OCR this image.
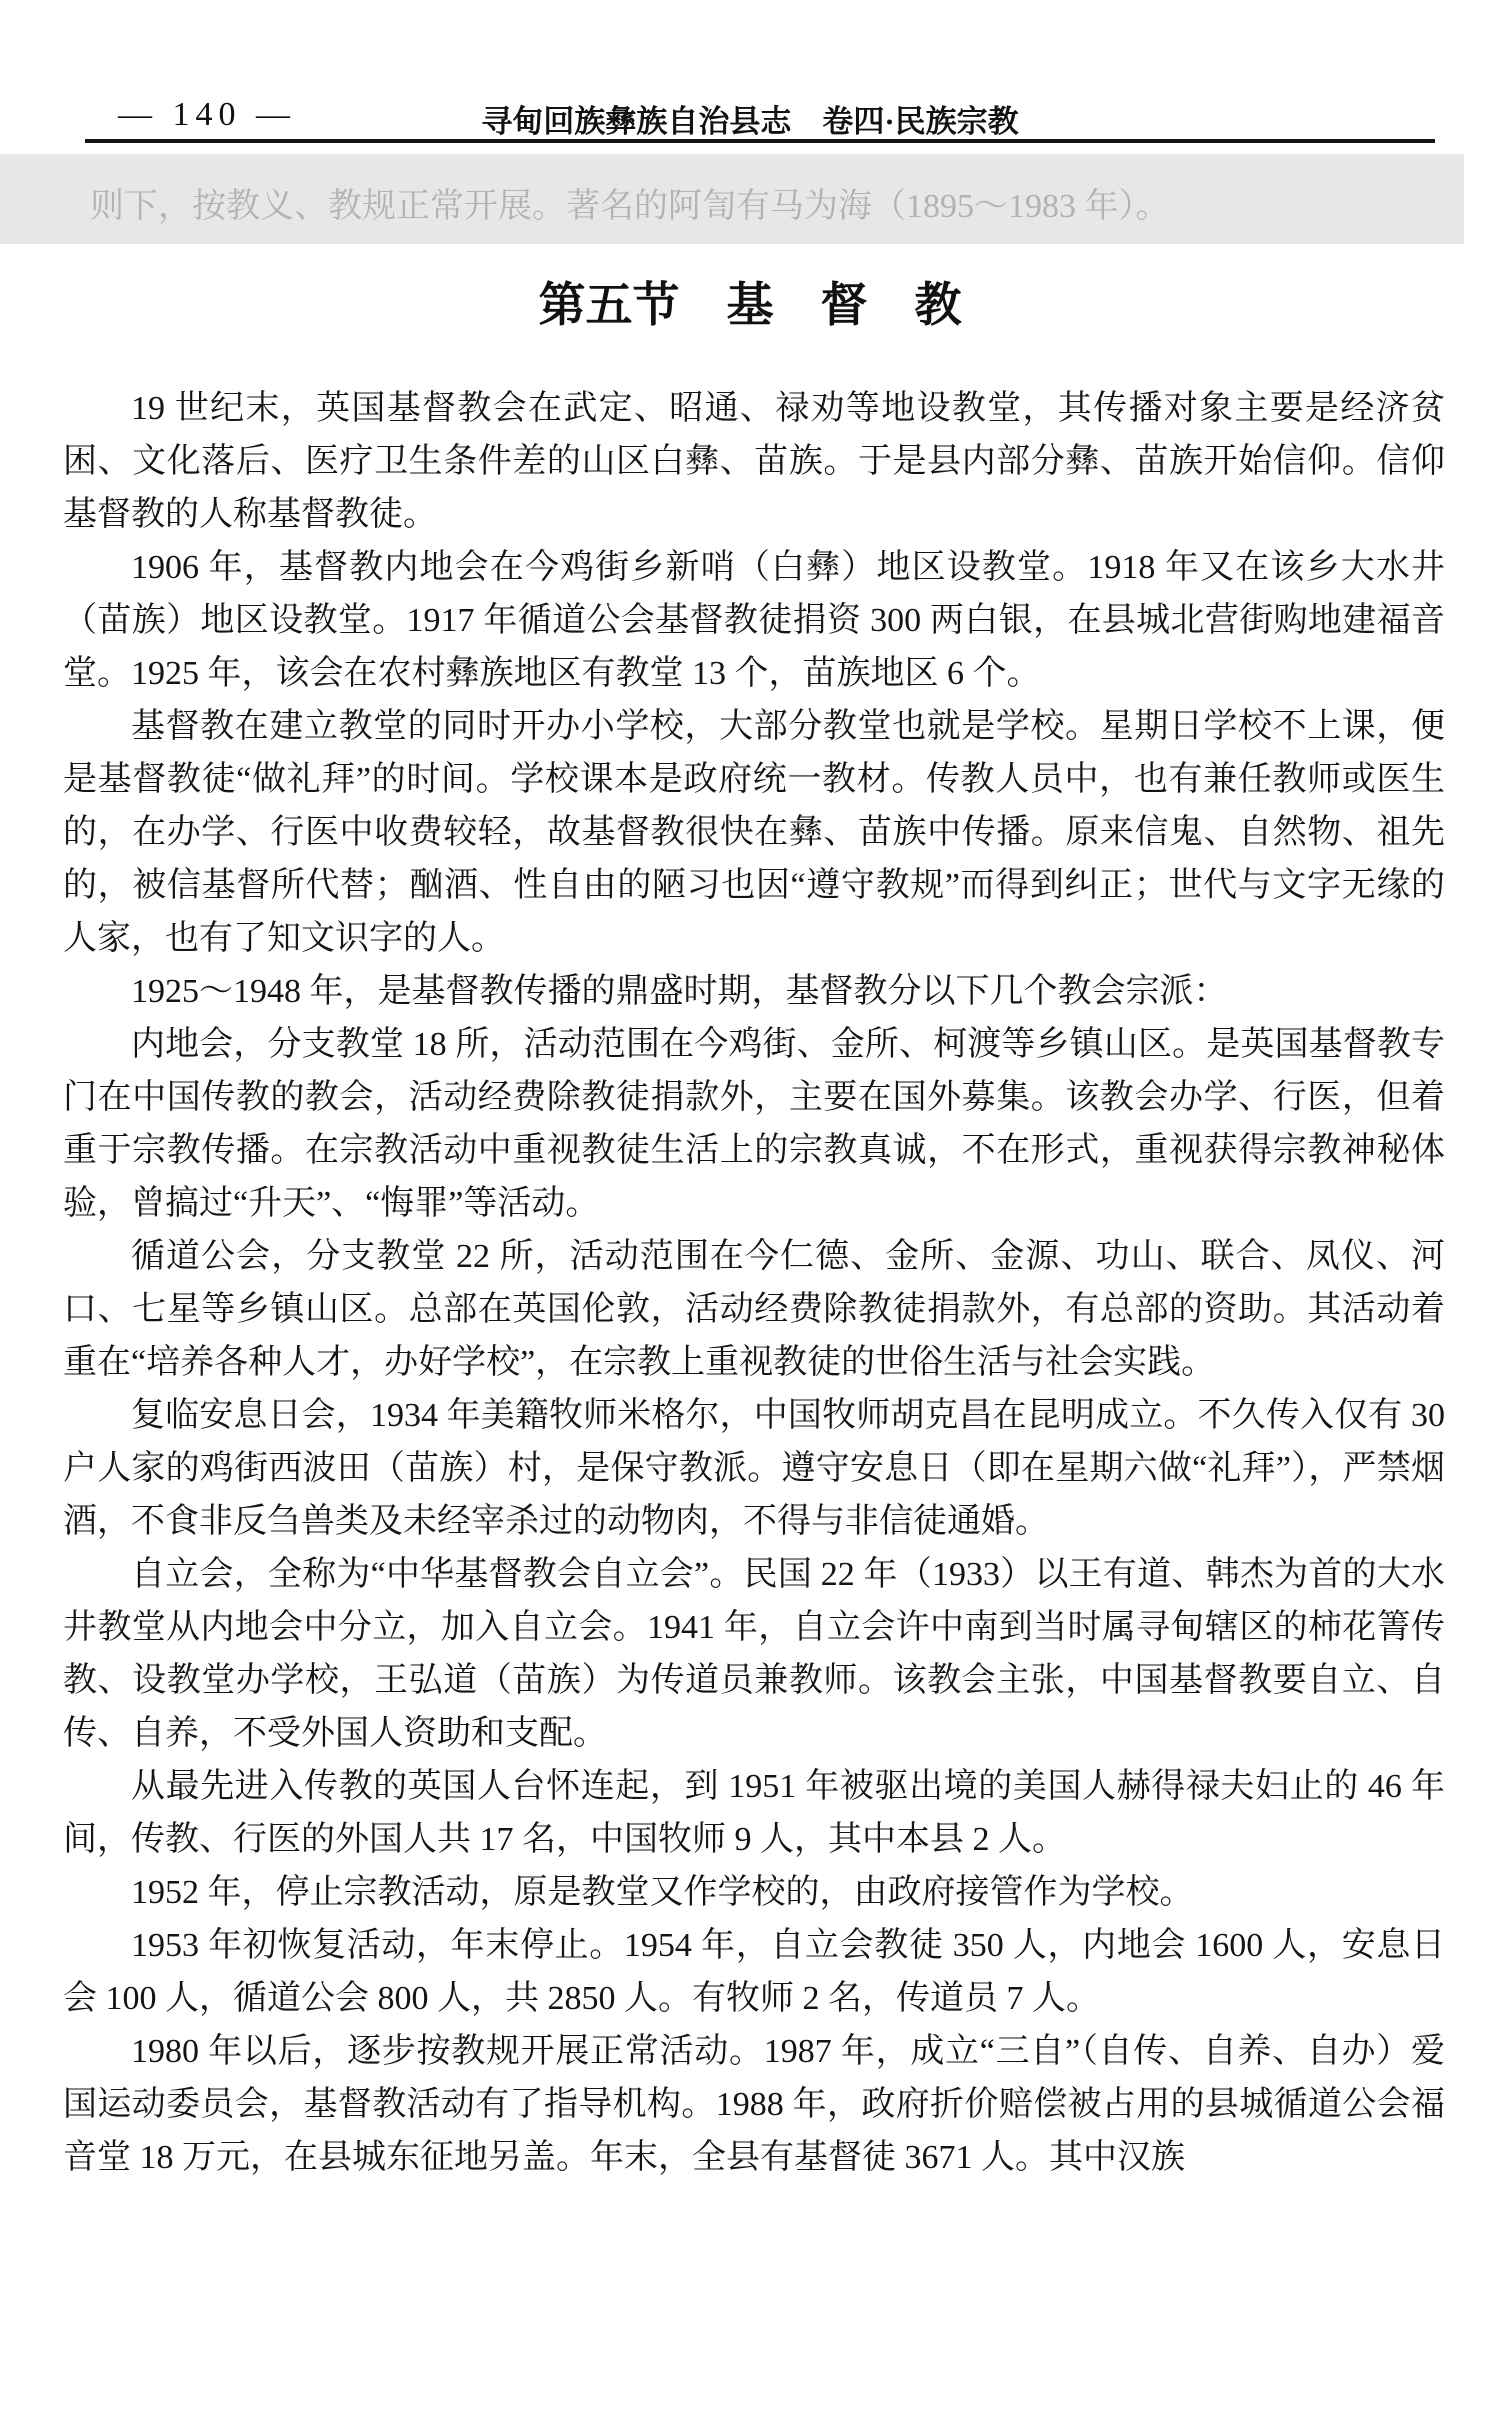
— 140 —	寻甸回族彝族自治县志　卷四·民族宗教
则下，按教义、教规正常开展。著名的阿訇有马为海（1895～1983 年）。
第五节　基　督　教

19 世纪末，英国基督教会在武定、昭通、禄劝等地设教堂，其传播对象主要是经济贫困、文化落后、医疗卫生条件差的山区白彝、苗族。于是县内部分彝、苗族开始信仰。信仰基督教的人称基督教徒。

1906 年，基督教内地会在今鸡街乡新哨（白彝）地区设教堂。1918 年又在该乡大水井（苗族）地区设教堂。1917 年循道公会基督教徒捐资 300 两白银，在县城北营街购地建福音堂。1925 年，该会在农村彝族地区有教堂 13 个，苗族地区 6 个。

基督教在建立教堂的同时开办小学校，大部分教堂也就是学校。星期日学校不上课，便是基督教徒“做礼拜”的时间。学校课本是政府统一教材。传教人员中，也有兼任教师或医生的，在办学、行医中收费较轻，故基督教很快在彝、苗族中传播。原来信鬼、自然物、祖先的，被信基督所代替；酗酒、性自由的陋习也因“遵守教规”而得到纠正；世代与文字无缘的人家，也有了知文识字的人。

1925～1948 年，是基督教传播的鼎盛时期，基督教分以下几个教会宗派：

内地会，分支教堂 18 所，活动范围在今鸡街、金所、柯渡等乡镇山区。是英国基督教专门在中国传教的教会，活动经费除教徒捐款外，主要在国外募集。该教会办学、行医，但着重于宗教传播。在宗教活动中重视教徒生活上的宗教真诚，不在形式，重视获得宗教神秘体验，曾搞过“升天”、“悔罪”等活动。

循道公会，分支教堂 22 所，活动范围在今仁德、金所、金源、功山、联合、凤仪、河口、七星等乡镇山区。总部在英国伦敦，活动经费除教徒捐款外，有总部的资助。其活动着重在“培养各种人才，办好学校”，在宗教上重视教徒的世俗生活与社会实践。

复临安息日会，1934 年美籍牧师米格尔，中国牧师胡克昌在昆明成立。不久传入仅有 30 户人家的鸡街西波田（苗族）村，是保守教派。遵守安息日（即在星期六做“礼拜”），严禁烟酒，不食非反刍兽类及未经宰杀过的动物肉，不得与非信徒通婚。

自立会，全称为“中华基督教会自立会”。民国 22 年（1933）以王有道、韩杰为首的大水井教堂从内地会中分立，加入自立会。1941 年，自立会许中南到当时属寻甸辖区的柿花箐传教、设教堂办学校，王弘道（苗族）为传道员兼教师。该教会主张，中国基督教要自立、自传、自养，不受外国人资助和支配。

从最先进入传教的英国人台怀连起，到 1951 年被驱出境的美国人赫得禄夫妇止的 46 年间，传教、行医的外国人共 17 名，中国牧师 9 人，其中本县 2 人。

1952 年，停止宗教活动，原是教堂又作学校的，由政府接管作为学校。

1953 年初恢复活动，年末停止。1954 年，自立会教徒 350 人，内地会 1600 人，安息日会 100 人，循道公会 800 人，共 2850 人。有牧师 2 名，传道员 7 人。

1980 年以后，逐步按教规开展正常活动。1987 年，成立“三自”（自传、自养、自办）爱国运动委员会，基督教活动有了指导机构。1988 年，政府折价赔偿被占用的县城循道公会福音堂 18 万元，在县城东征地另盖。年末，全县有基督徒 3671 人。其中汉族
